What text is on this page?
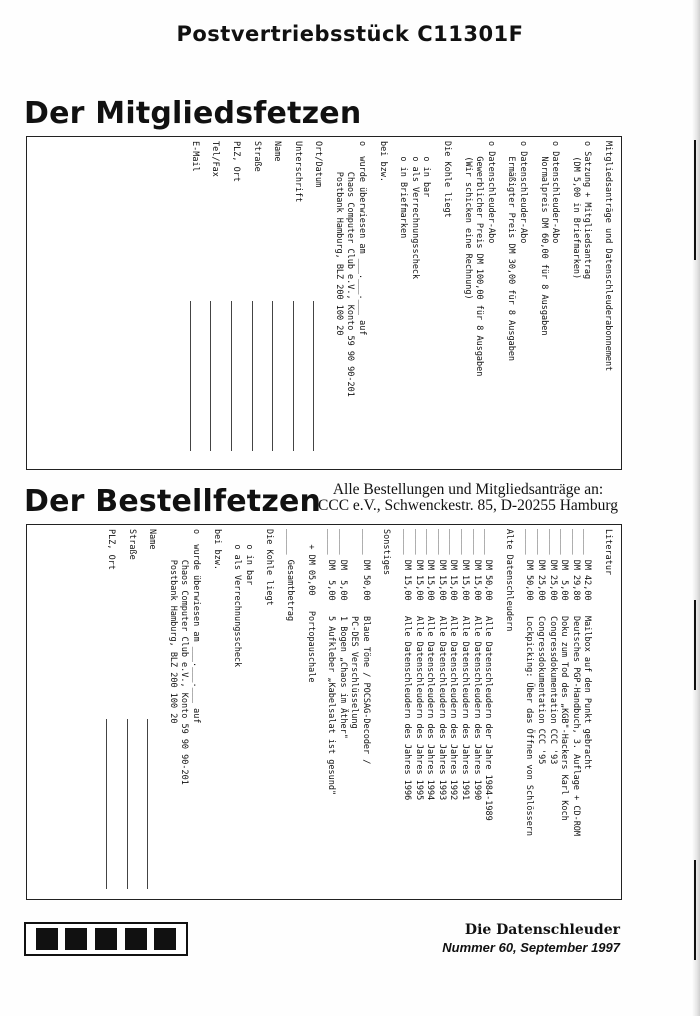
Postvertriebsstück C11301F
Der Mitgliedsfetzen
Mitgliedsanträge und Datenschleuderabonnement
o Satzung + Mitgliedsantrag
(DM 5,00 in Briefmarken)
o Datenschleuder-Abo
Normalpreis DM 60,00 für 8 Ausgaben
o Datenschleuder-Abo
Ermäßigter Preis DM 30,00 für 8 Ausgaben
o Datenschleuder-Abo
Gewerblicher Preis DM 100,00 für 8 Ausgaben
(Wir schicken eine Rechnung)
Die Kohle liegt
o in bar
o als Verrechnungsscheck
o in Briefmarken
bei bzw.
o  wurde überwiesen am ___.___.___ auf
Chaos Computer Club e.V., Konto 59 90 90-201
Postbank Hamburg, BLZ 200 100 20
Ort/Datum
Unterschrift
Name
Straße
PLZ, Ort
Tel/Fax
E-Mail
Der Bestellfetzen Alle Bestellungen und Mitgliedsanträge an:
CCC e.V., Schwenckestr. 85, D-20255 Hamburg
Literatur
_____ DM 42,00   Mailbox auf den Punkt gebracht
_____ DM 29,80   Deutsches PGP-Handbuch, 3. Auflage + CD-ROM
_____ DM  5,00   Doku zum Tod des „KGB"-Hackers Karl Koch
_____ DM 25,00   Congressdokumentation CCC '93
_____ DM 25,00   Congressdokumentation CCC '95
_____ DM 50,00   Lockpicking: Über das Öffnen von Schlössern
Alte Datenschleudern
_____ DM 50,00   Alle Datenschleudern der Jahre 1984-1989
_____ DM 15,00   Alle Datenschleudern des Jahres 1990
_____ DM 15,00   Alle Datenschleudern des Jahres 1991
_____ DM 15,00   Alle Datenschleudern des Jahres 1992
_____ DM 15,00   Alle Datenschleudern des Jahres 1993
_____ DM 15,00   Alle Datenschleudern des Jahres 1994
_____ DM 15,00   Alle Datenschleudern des Jahres 1995
_____ DM 15,00   Alle Datenschleudern des Jahres 1996
Sonstiges
_____ DM 50,00   Blaue Töne / POCSAG-Decoder /
PC-DES Verschlüsselung
_____ DM  5,00   1 Bogen „Chaos im Äther"
_____ DM  5,00   5 Aufkleber „Kabelsalat ist gesund"
+ DM 05,00   Portopauschale
_____ Gesamtbetrag
Die Kohle liegt
o in bar
o als Verrechnungsscheck
bei bzw.
o  wurde überwiesen am ___.___.___ auf
Chaos Computer Club e.V., Konto 59 90 90-201
Postbank Hamburg, BLZ 200 100 20
Name
Straße
PLZ, Ort
Die Datenschleuder
Nummer 60, September 1997
